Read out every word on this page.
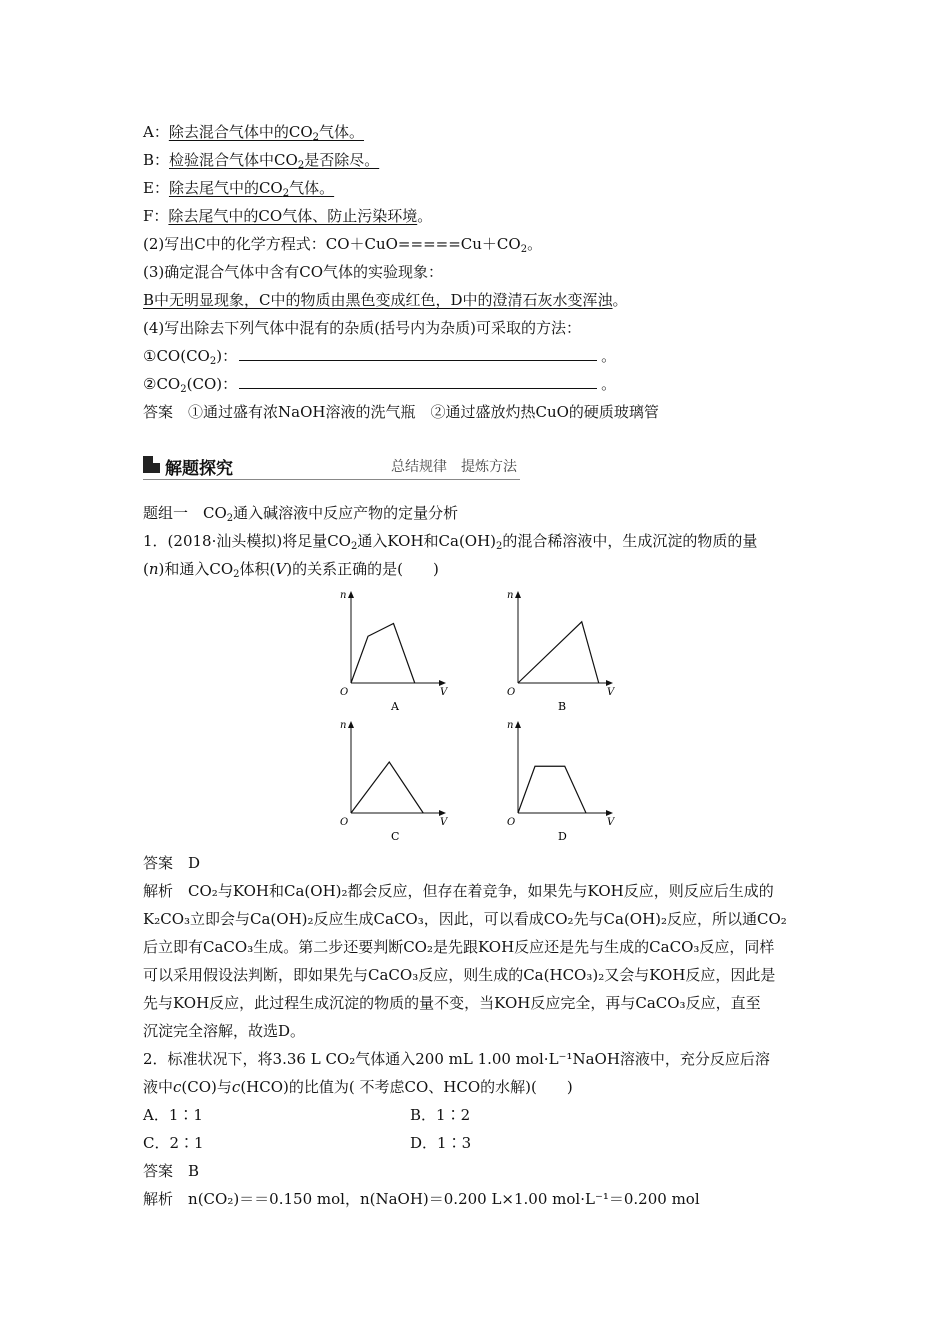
A：除去混合气体中的$CO_2$气体。
B：检验混合气体中$CO_2$是否除尽。
E：除去尾气中的$CO_2$气体。
F：除去尾气中的CO气体、防止污染环境。
(2)写出C中的化学方程式：$CO+CuO=====Cu+CO_2$。
(3)确定混合气体中含有CO气体的实验现象：
B中无明显现象，C中的物质由黑色变成红色，D中的澄清石灰水变浑浊。
(4)写出除去下列气体中混有的杂质(括号内为杂质)可采取的方法：
$①CO(CO_2)$：	。
$②CO_2(CO)$：	。
答案　 ①通过盛有浓NaOH溶液的洗气瓶　②通过盛放灼热CuO的硬质玻璃管
解题探究	总结规律　提炼方法
题组一　$CO_2$通入碱溶液中反应产物的定量分析
1．(2018·汕头模拟)将足量$CO_2$通入KOH和$Ca(OH)_2$的混合稀溶液中，生成沉淀的物质的量
(n)和通入$CO_2$体积(V)的关系正确的是(　　)
n
V
O
A
n
V
O
B
n
V
O
C
n
V
O
D
答案　 D
解析　 CO₂与KOH和Ca(OH)₂都会反应，但存在着竞争，如果先与KOH反应，则反应后生成的
K₂CO₃立即会与Ca(OH)₂反应生成CaCO₃，因此，可以看成CO₂先与Ca(OH)₂反应，所以通CO₂
后立即有CaCO₃生成。第二步还要判断CO₂是先跟KOH反应还是先与生成的CaCO₃反应，同样
可以采用假设法判断，即如果先与CaCO₃反应，则生成的Ca(HCO₃)₂又会与KOH反应，因此是
先与KOH反应，此过程生成沉淀的物质的量不变，当KOH反应完全，再与CaCO₃反应，直至
沉淀完全溶解，故选D。
2．标准状况下，将3.36 L CO₂气体通入200 mL 1.00 mol·L⁻¹NaOH溶液中，充分反应后溶
液中c(CO)与c(HCO)的比值为( 不考虑CO、HCO的水解)(　　)
A．1∶1	B．1∶2
C．2∶1	D．1∶3
答案　 B
解析　 n(CO₂)＝＝0.150 mol，n(NaOH)＝0.200 L×1.00 mol·L⁻¹＝0.200 mol
